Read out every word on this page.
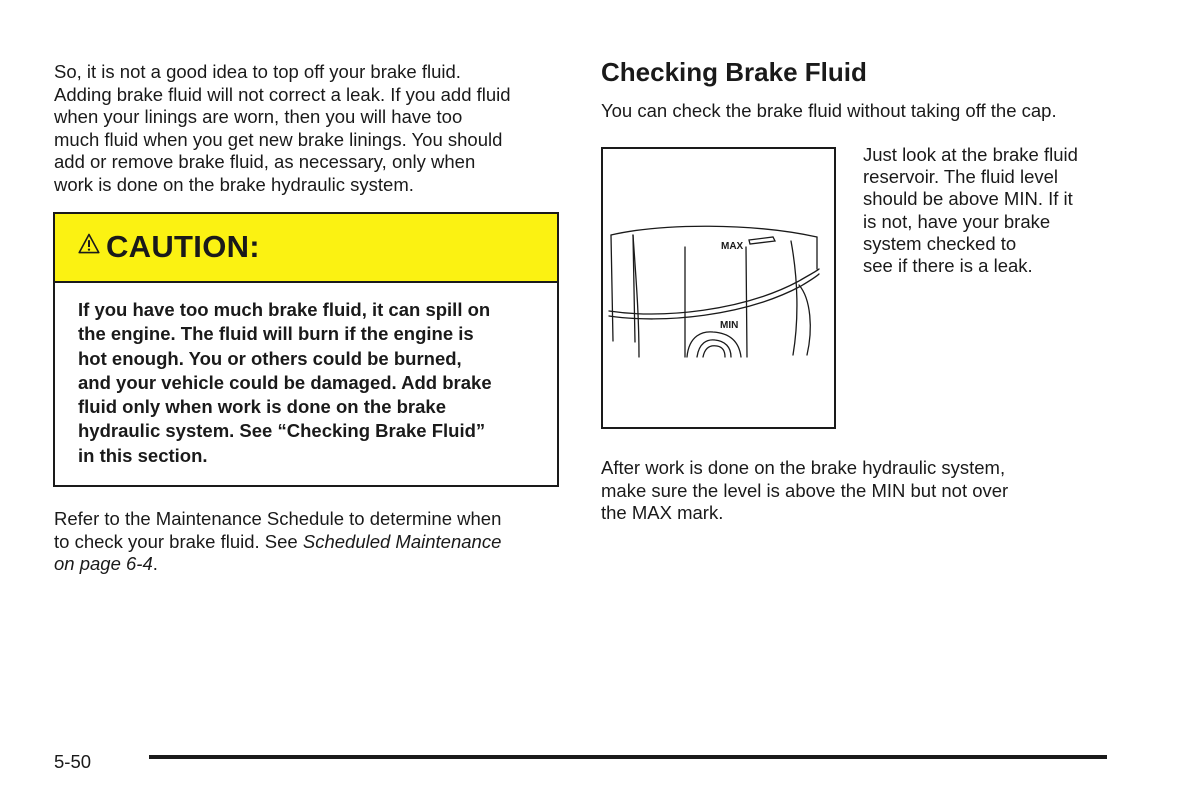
So, it is not a good idea to top off your brake fluid.
Adding brake fluid will not correct a leak. If you add fluid
when your linings are worn, then you will have too
much fluid when you get new brake linings. You should
add or remove brake fluid, as necessary, only when
work is done on the brake hydraulic system.

CAUTION:

If you have too much brake fluid, it can spill on
the engine. The fluid will burn if the engine is
hot enough. You or others could be burned,
and your vehicle could be damaged. Add brake
fluid only when work is done on the brake
hydraulic system. See “Checking Brake Fluid”
in this section.

Refer to the Maintenance Schedule to determine when
to check your brake fluid. See Scheduled Maintenance
on page 6-4.

Checking Brake Fluid

You can check the brake fluid without taking off the cap.

MAX
MIN

Just look at the brake fluid
reservoir. The fluid level
should be above MIN. If it
is not, have your brake
system checked to
see if there is a leak.

After work is done on the brake hydraulic system,
make sure the level is above the MIN but not over
the MAX mark.

5-50
